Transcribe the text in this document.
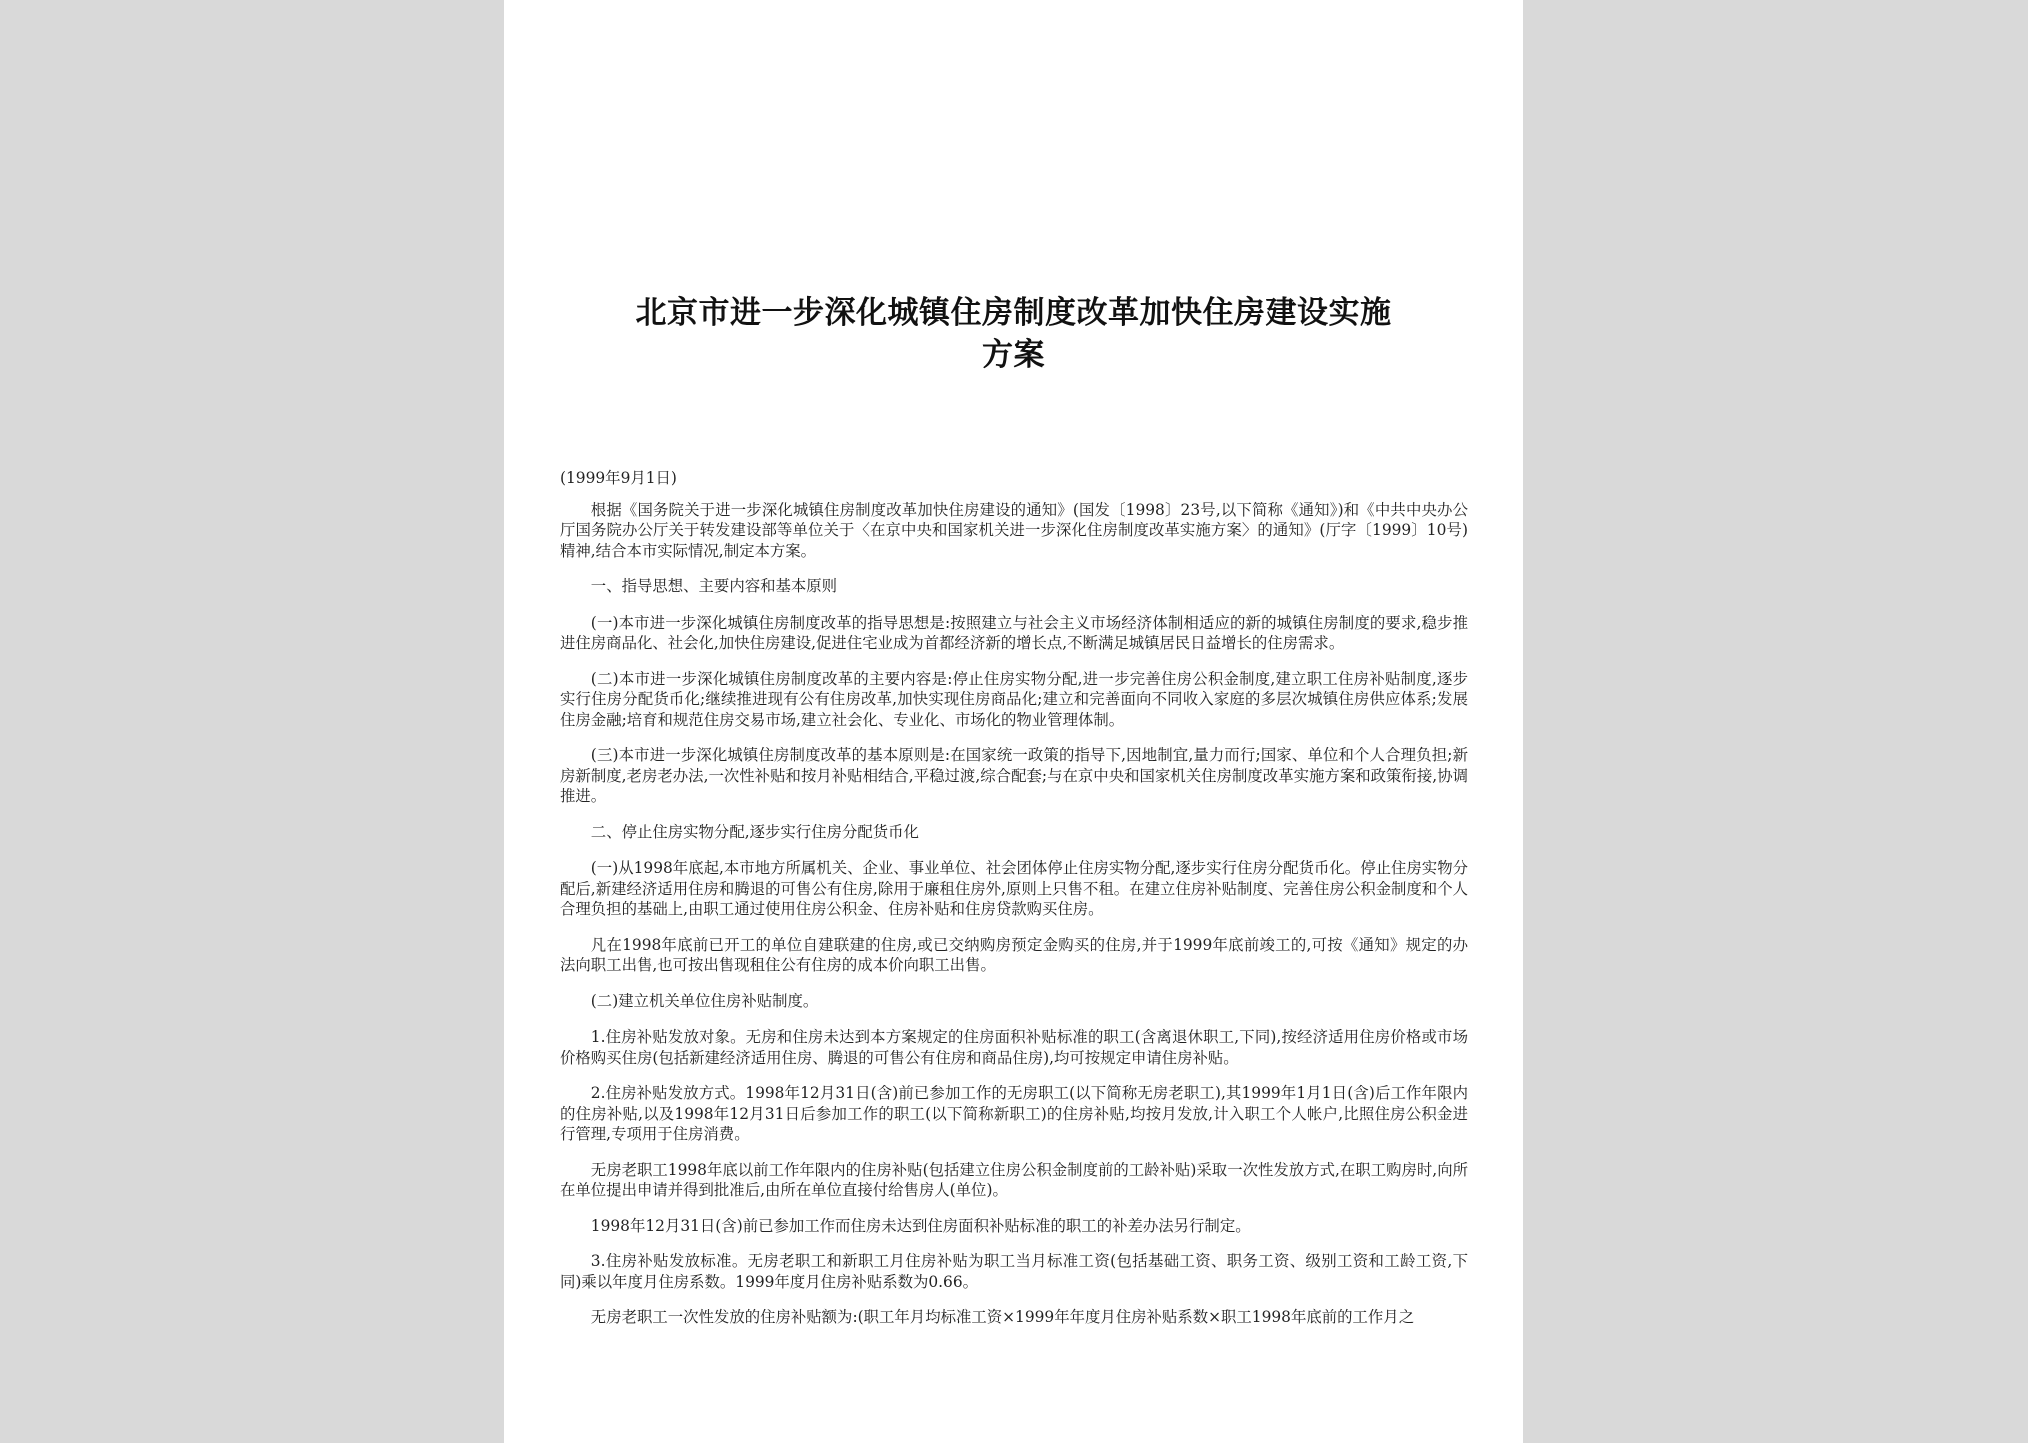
北京市进一步深化城镇住房制度改革加快住房建设实施
方案

(1999年9月1日)

根据《国务院关于进一步深化城镇住房制度改革加快住房建设的通知》(国发〔1998〕23号,以下简称《通知》)和《中共中央办公厅国务院办公厅关于转发建设部等单位关于〈在京中央和国家机关进一步深化住房制度改革实施方案〉的通知》(厅字〔1999〕10号)精神,结合本市实际情况,制定本方案。

一、指导思想、主要内容和基本原则

(一)本市进一步深化城镇住房制度改革的指导思想是:按照建立与社会主义市场经济体制相适应的新的城镇住房制度的要求,稳步推进住房商品化、社会化,加快住房建设,促进住宅业成为首都经济新的增长点,不断满足城镇居民日益增长的住房需求。

(二)本市进一步深化城镇住房制度改革的主要内容是:停止住房实物分配,进一步完善住房公积金制度,建立职工住房补贴制度,逐步实行住房分配货币化;继续推进现有公有住房改革,加快实现住房商品化;建立和完善面向不同收入家庭的多层次城镇住房供应体系;发展住房金融;培育和规范住房交易市场,建立社会化、专业化、市场化的物业管理体制。

(三)本市进一步深化城镇住房制度改革的基本原则是:在国家统一政策的指导下,因地制宜,量力而行;国家、单位和个人合理负担;新房新制度,老房老办法,一次性补贴和按月补贴相结合,平稳过渡,综合配套;与在京中央和国家机关住房制度改革实施方案和政策衔接,协调推进。

二、停止住房实物分配,逐步实行住房分配货币化

(一)从1998年底起,本市地方所属机关、企业、事业单位、社会团体停止住房实物分配,逐步实行住房分配货币化。停止住房实物分配后,新建经济适用住房和腾退的可售公有住房,除用于廉租住房外,原则上只售不租。在建立住房补贴制度、完善住房公积金制度和个人合理负担的基础上,由职工通过使用住房公积金、住房补贴和住房贷款购买住房。

凡在1998年底前已开工的单位自建联建的住房,或已交纳购房预定金购买的住房,并于1999年底前竣工的,可按《通知》规定的办法向职工出售,也可按出售现租住公有住房的成本价向职工出售。

(二)建立机关单位住房补贴制度。

1.住房补贴发放对象。无房和住房未达到本方案规定的住房面积补贴标准的职工(含离退休职工,下同),按经济适用住房价格或市场价格购买住房(包括新建经济适用住房、腾退的可售公有住房和商品住房),均可按规定申请住房补贴。

2.住房补贴发放方式。1998年12月31日(含)前已参加工作的无房职工(以下简称无房老职工),其1999年1月1日(含)后工作年限内的住房补贴,以及1998年12月31日后参加工作的职工(以下简称新职工)的住房补贴,均按月发放,计入职工个人帐户,比照住房公积金进行管理,专项用于住房消费。

无房老职工1998年底以前工作年限内的住房补贴(包括建立住房公积金制度前的工龄补贴)采取一次性发放方式,在职工购房时,向所在单位提出申请并得到批准后,由所在单位直接付给售房人(单位)。

1998年12月31日(含)前已参加工作而住房未达到住房面积补贴标准的职工的补差办法另行制定。

3.住房补贴发放标准。无房老职工和新职工月住房补贴为职工当月标准工资(包括基础工资、职务工资、级别工资和工龄工资,下同)乘以年度月住房系数。1999年度月住房补贴系数为0.66。

无房老职工一次性发放的住房补贴额为:(职工年月均标准工资×1999年年度月住房补贴系数×职工1998年底前的工作月之
